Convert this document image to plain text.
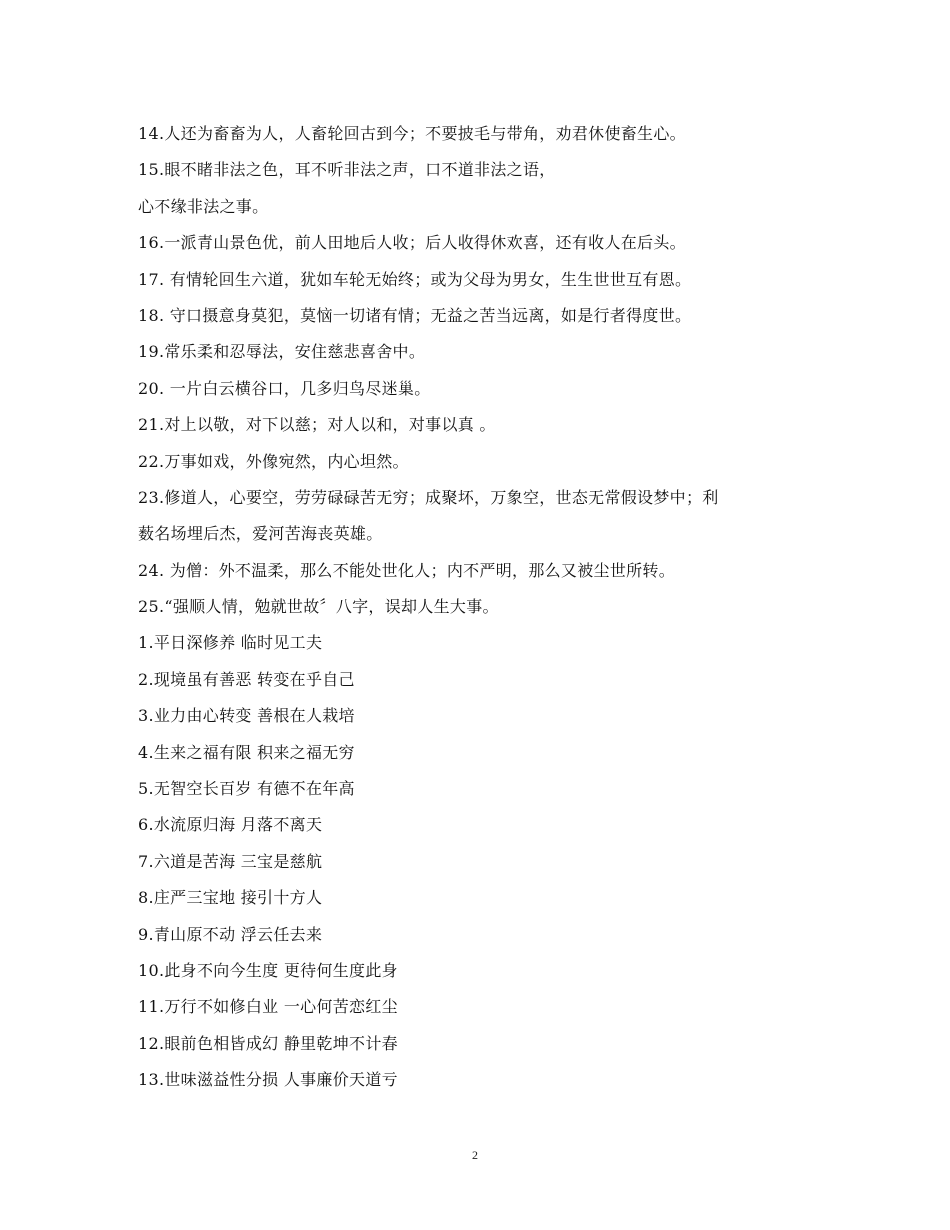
14.人还为畜畜为人，人畜轮回古到今；不要披毛与带角，劝君休使畜生心。
15.眼不睹非法之色，耳不听非法之声，口不道非法之语，
心不缘非法之事。
16.一派青山景色优，前人田地后人收；后人收得休欢喜，还有收人在后头。
17. 有情轮回生六道，犹如车轮无始终；或为父母为男女，生生世世互有恩。
18. 守口摄意身莫犯，莫恼一切诸有情；无益之苦当远离，如是行者得度世。
19.常乐柔和忍辱法，安住慈悲喜舍中。
20. 一片白云横谷口，几多归鸟尽迷巢。
21.对上以敬，对下以慈；对人以和，对事以真 。
22.万事如戏，外像宛然，内心坦然。
23.修道人，心要空，劳劳碌碌苦无穷；成聚坏，万象空，世态无常假设梦中；利
薮名场埋后杰，爱河苦海丧英雄。
24. 为僧：外不温柔，那么不能处世化人；内不严明，那么又被尘世所转。
25.“强顺人情，勉就世故〞八字，误却人生大事。
1.平日深修养 临时见工夫
2.现境虽有善恶 转变在乎自己
3.业力由心转变 善根在人栽培
4.生来之福有限 积来之福无穷
5.无智空长百岁 有德不在年高
6.水流原归海 月落不离天
7.六道是苦海 三宝是慈航
8.庄严三宝地 接引十方人
9.青山原不动 浮云任去来
10.此身不向今生度 更待何生度此身
11.万行不如修白业 一心何苦恋红尘
12.眼前色相皆成幻 静里乾坤不计春
13.世味滋益性分损 人事廉价天道亏
2
